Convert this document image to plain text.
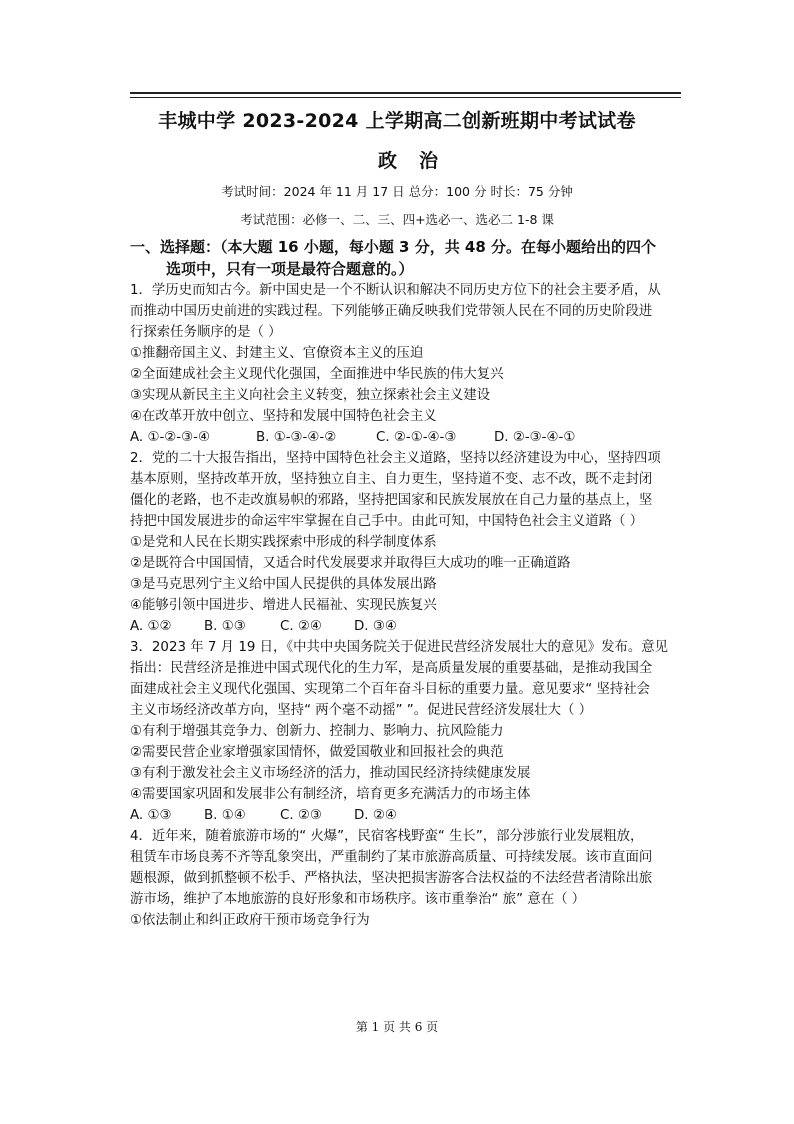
丰城中学 2023-2024 上学期高二创新班期中考试试卷
政治
考试时间：2024 年 11 月 17 日 总分：100 分 时长：75 分钟
考试范围：必修一、二、三、四+选必一、选必二 1-8 课
一、选择题：（本大题 16 小题，每小题 3 分，共 48 分。在每小题给出的四个
选项中，只有一项是最符合题意的。）
1．学历史而知古今。新中国史是一个不断认识和解决不同历史方位下的社会主要矛盾，从
而推动中国历史前进的实践过程。下列能够正确反映我们党带领人民在不同的历史阶段进
行探索任务顺序的是（ ）
①推翻帝国主义、封建主义、官僚资本主义的压迫
②全面建成社会主义现代化强国，全面推进中华民族的伟大复兴
③实现从新民主主义向社会主义转变，独立探索社会主义建设
④在改革开放中创立、坚持和发展中国特色社会主义
A. ①-②-③-④	B. ①-③-④-②	C. ②-①-④-③	D. ②-③-④-①
2．党的二十大报告指出，坚持中国特色社会主义道路，坚持以经济建设为中心，坚持四项
基本原则，坚持改革开放，坚持独立自主、自力更生，坚持道不变、志不改，既不走封闭
僵化的老路，也不走改旗易帜的邪路，坚持把国家和民族发展放在自己力量的基点上，坚
持把中国发展进步的命运牢牢掌握在自己手中。由此可知，中国特色社会主义道路（ ）
①是党和人民在长期实践探索中形成的科学制度体系
②是既符合中国国情，又适合时代发展要求并取得巨大成功的唯一正确道路
③是马克思列宁主义给中国人民提供的具体发展出路
④能够引领中国进步、增进人民福祉、实现民族复兴
A. ①②	B. ①③	C. ②④	D. ③④
3．2023 年 7 月 19 日，《中共中央国务院关于促进民营经济发展壮大的意见》发布。意见
指出：民营经济是推进中国式现代化的生力军，是高质量发展的重要基础，是推动我国全
面建成社会主义现代化强国、实现第二个百年奋斗目标的重要力量。意见要求“ 坚持社会
主义市场经济改革方向，坚持“ 两个毫不动摇” ”。促进民营经济发展壮大（ ）
①有利于增强其竞争力、创新力、控制力、影响力、抗风险能力
②需要民营企业家增强家国情怀，做爱国敬业和回报社会的典范
③有利于激发社会主义市场经济的活力，推动国民经济持续健康发展
④需要国家巩固和发展非公有制经济，培育更多充满活力的市场主体
A. ①③	B. ①④	C. ②③	D. ②④
4．近年来，随着旅游市场的“ 火爆”，民宿客栈野蛮“ 生长”，部分涉旅行业发展粗放，
租赁车市场良莠不齐等乱象突出，严重制约了某市旅游高质量、可持续发展。该市直面问
题根源，做到抓整顿不松手、严格执法，坚决把损害游客合法权益的不法经营者清除出旅
游市场，维护了本地旅游的良好形象和市场秩序。该市重拳治“ 旅” 意在（ ）
①依法制止和纠正政府干预市场竞争行为
第 1 页 共 6 页
